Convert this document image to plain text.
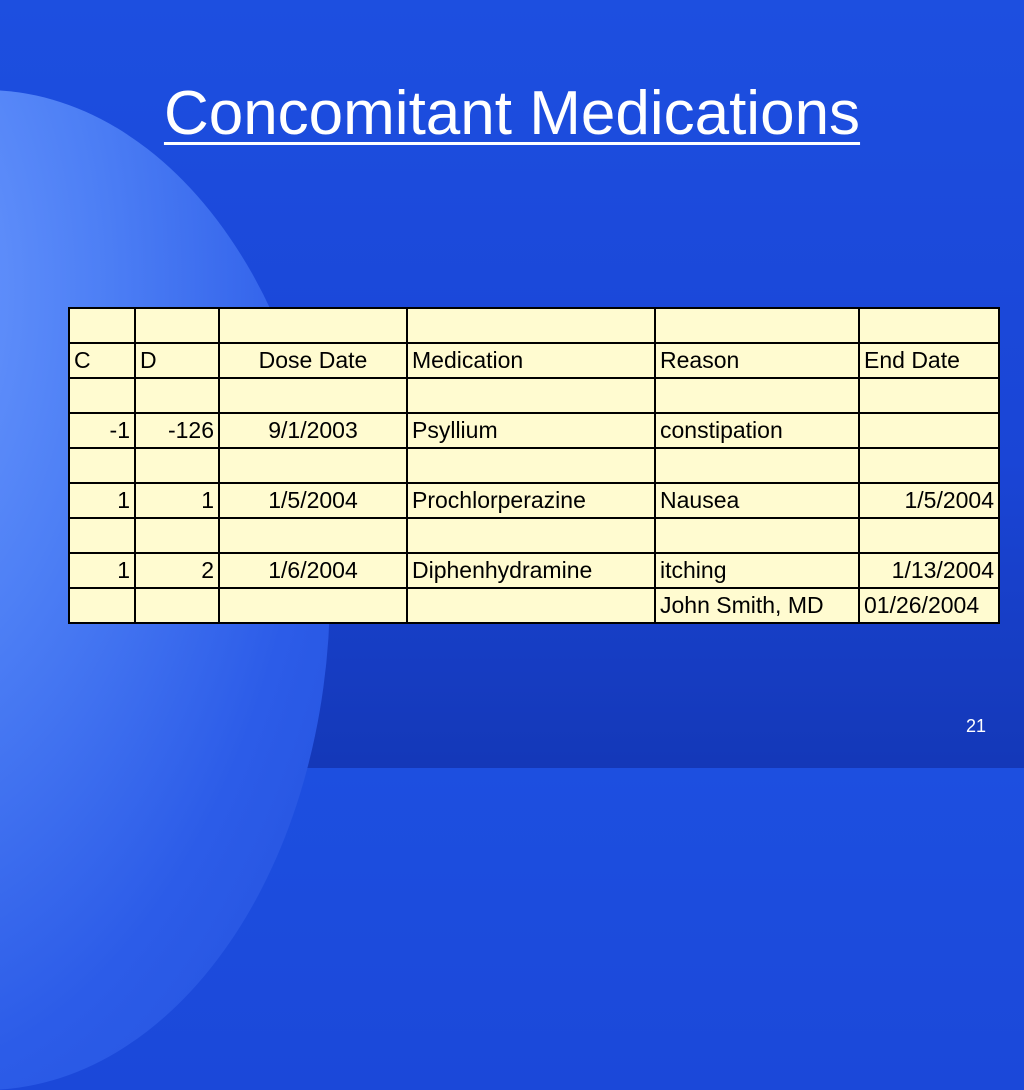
Concomitant Medications

C	D	Dose Date	Medication	Reason	End Date

-1	-126	9/1/2003	Psyllium	constipation	

1	1	1/5/2004	Prochlorperazine	Nausea	1/5/2004

1	2	1/6/2004	Diphenhydramine	itching	1/13/2004
				John Smith, MD	01/26/2004
21
